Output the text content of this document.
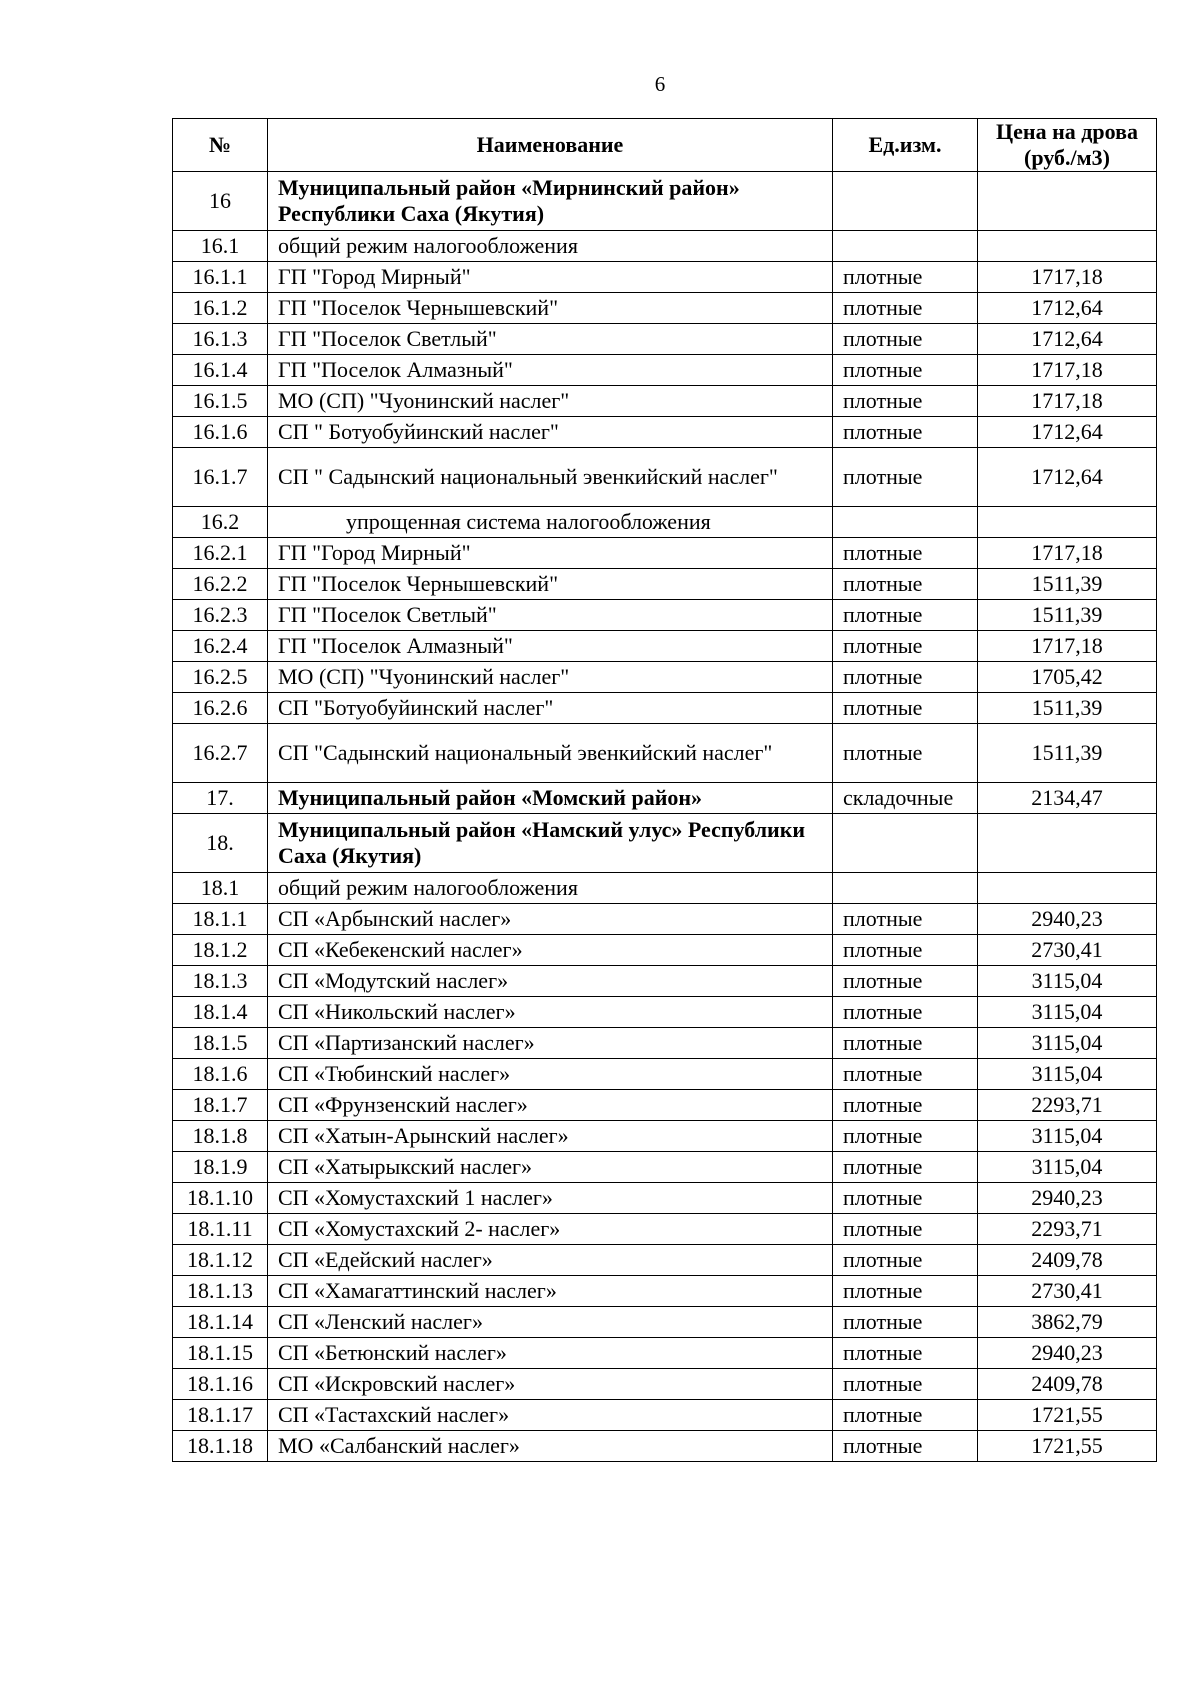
6
№	Наименование	Ед.изм.	Цена на дрова (руб./м3)
16	Муниципальный район «Мирнинский район» Республики Саха (Якутия)		
16.1	общий режим налогообложения		
16.1.1	ГП "Город Мирный"	плотные	1717,18
16.1.2	ГП "Поселок Чернышевский"	плотные	1712,64
16.1.3	ГП "Поселок Светлый"	плотные	1712,64
16.1.4	ГП "Поселок Алмазный"	плотные	1717,18
16.1.5	МО (СП) "Чуонинский наслег"	плотные	1717,18
16.1.6	СП " Ботуобуйинский наслег"	плотные	1712,64
16.1.7	СП " Садынский национальный эвенкийский наслег"	плотные	1712,64
16.2	упрощенная система налогообложения		
16.2.1	ГП "Город Мирный"	плотные	1717,18
16.2.2	ГП "Поселок Чернышевский"	плотные	1511,39
16.2.3	ГП "Поселок Светлый"	плотные	1511,39
16.2.4	ГП "Поселок Алмазный"	плотные	1717,18
16.2.5	МО (СП) "Чуонинский наслег"	плотные	1705,42
16.2.6	СП "Ботуобуйинский наслег"	плотные	1511,39
16.2.7	СП "Садынский национальный эвенкийский наслег"	плотные	1511,39
17.	Муниципальный район «Момский район»	складочные	2134,47
18.	Муниципальный район «Намский улус» Республики Саха (Якутия)		
18.1	общий режим налогообложения		
18.1.1	СП «Арбынский наслег»	плотные	2940,23
18.1.2	СП «Кебекенский наслег»	плотные	2730,41
18.1.3	СП «Модутский наслег»	плотные	3115,04
18.1.4	СП «Никольский наслег»	плотные	3115,04
18.1.5	СП «Партизанский наслег»	плотные	3115,04
18.1.6	СП «Тюбинский наслег»	плотные	3115,04
18.1.7	СП «Фрунзенский наслег»	плотные	2293,71
18.1.8	СП «Хатын-Арынский наслег»	плотные	3115,04
18.1.9	СП «Хатырыкский наслег»	плотные	3115,04
18.1.10	СП «Хомустахский 1 наслег»	плотные	2940,23
18.1.11	СП «Хомустахский 2- наслег»	плотные	2293,71
18.1.12	СП «Едейский наслег»	плотные	2409,78
18.1.13	СП «Хамагаттинский наслег»	плотные	2730,41
18.1.14	СП «Ленский наслег»	плотные	3862,79
18.1.15	СП «Бетюнский наслег»	плотные	2940,23
18.1.16	СП «Искровский наслег»	плотные	2409,78
18.1.17	СП «Тастахский наслег»	плотные	1721,55
18.1.18	МО «Салбанский наслег»	плотные	1721,55
